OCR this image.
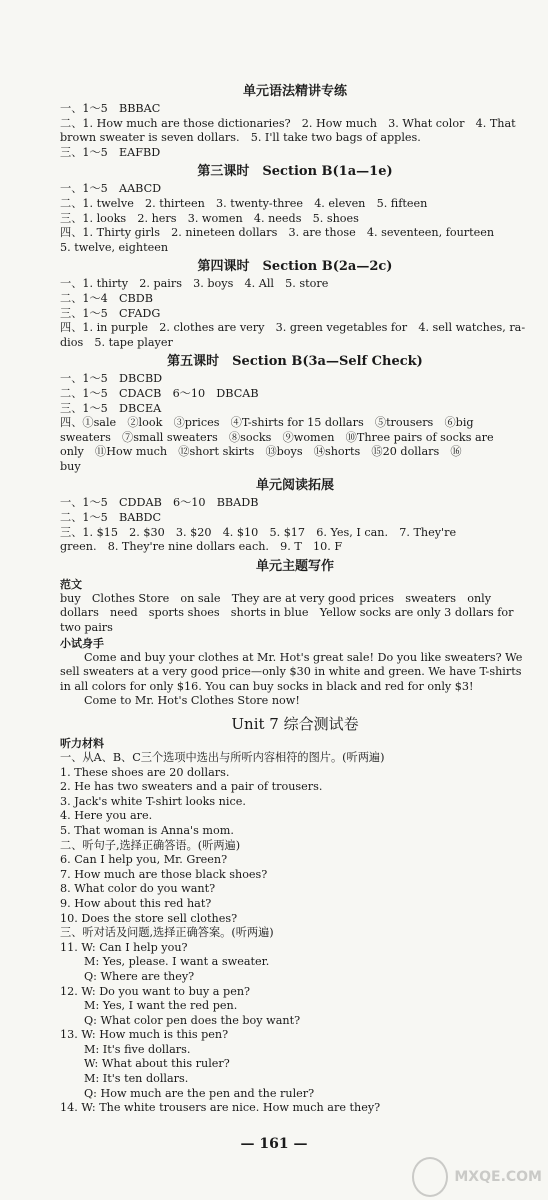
单元语法精讲专练
一、1～5　BBBAC
二、1. How much are those dictionaries?　2. How much　3. What color　4. That
brown sweater is seven dollars.　5. I'll take two bags of apples.
三、1～5　EAFBD
第三课时　Section B(1a—1e)
一、1～5　AABCD
二、1. twelve　2. thirteen　3. twenty-three　4. eleven　5. fifteen
三、1. looks　2. hers　3. women　4. needs　5. shoes
四、1. Thirty girls　2. nineteen dollars　3. are those　4. seventeen, fourteen
5. twelve, eighteen
第四课时　Section B(2a—2c)
一、1. thirty　2. pairs　3. boys　4. All　5. store
二、1～4　CBDB
三、1～5　CFADG
四、1. in purple　2. clothes are very　3. green vegetables for　4. sell watches, ra-
dios　5. tape player
第五课时　Section B(3a—Self Check)
一、1～5　DBCBD
二、1～5　CDACB　6～10　DBCAB
三、1～5　DBCEA
四、①sale　②look　③prices　④T-shirts for 15 dollars　⑤trousers　⑥big
sweaters　⑦small sweaters　⑧socks　⑨women　⑩Three pairs of socks are
only　⑪How much　⑫short skirts　⑬boys　⑭shorts　⑮20 dollars　⑯
buy
单元阅读拓展
一、1～5　CDDAB　6～10　BBADB
二、1～5　BABDC
三、1. $15　2. $30　3. $20　4. $10　5. $17　6. Yes, I can.　7. They're
green.　8. They're nine dollars each.　9. T　10. F
单元主题写作
范文
buy　Clothes Store　on sale　They are at very good prices　sweaters　only
dollars　need　sports shoes　shorts in blue　Yellow socks are only 3 dollars for
two pairs
小试身手
Come and buy your clothes at Mr. Hot's great sale! Do you like sweaters? We sell sweaters at a very good price—only $30 in white and green. We have T-shirts in all colors for only $16. You can buy socks in black and red for only $3!
Come to Mr. Hot's Clothes Store now!
Unit 7 综合测试卷
听力材料
一、从A、B、C三个选项中选出与所听内容相符的图片。(听两遍)
1. These shoes are 20 dollars.
2. He has two sweaters and a pair of trousers.
3. Jack's white T-shirt looks nice.
4. Here you are.
5. That woman is Anna's mom.
二、听句子,选择正确答语。(听两遍)
6. Can I help you, Mr. Green?
7. How much are those black shoes?
8. What color do you want?
9. How about this red hat?
10. Does the store sell clothes?
三、听对话及问题,选择正确答案。(听两遍)
11. W: Can I help you?
M: Yes, please. I want a sweater.
Q: Where are they?
12. W: Do you want to buy a pen?
M: Yes, I want the red pen.
Q: What color pen does the boy want?
13. W: How much is this pen?
M: It's five dollars.
W: What about this ruler?
M: It's ten dollars.
Q: How much are the pen and the ruler?
14. W: The white trousers are nice. How much are they?
— 161 —
MXQE.COM
